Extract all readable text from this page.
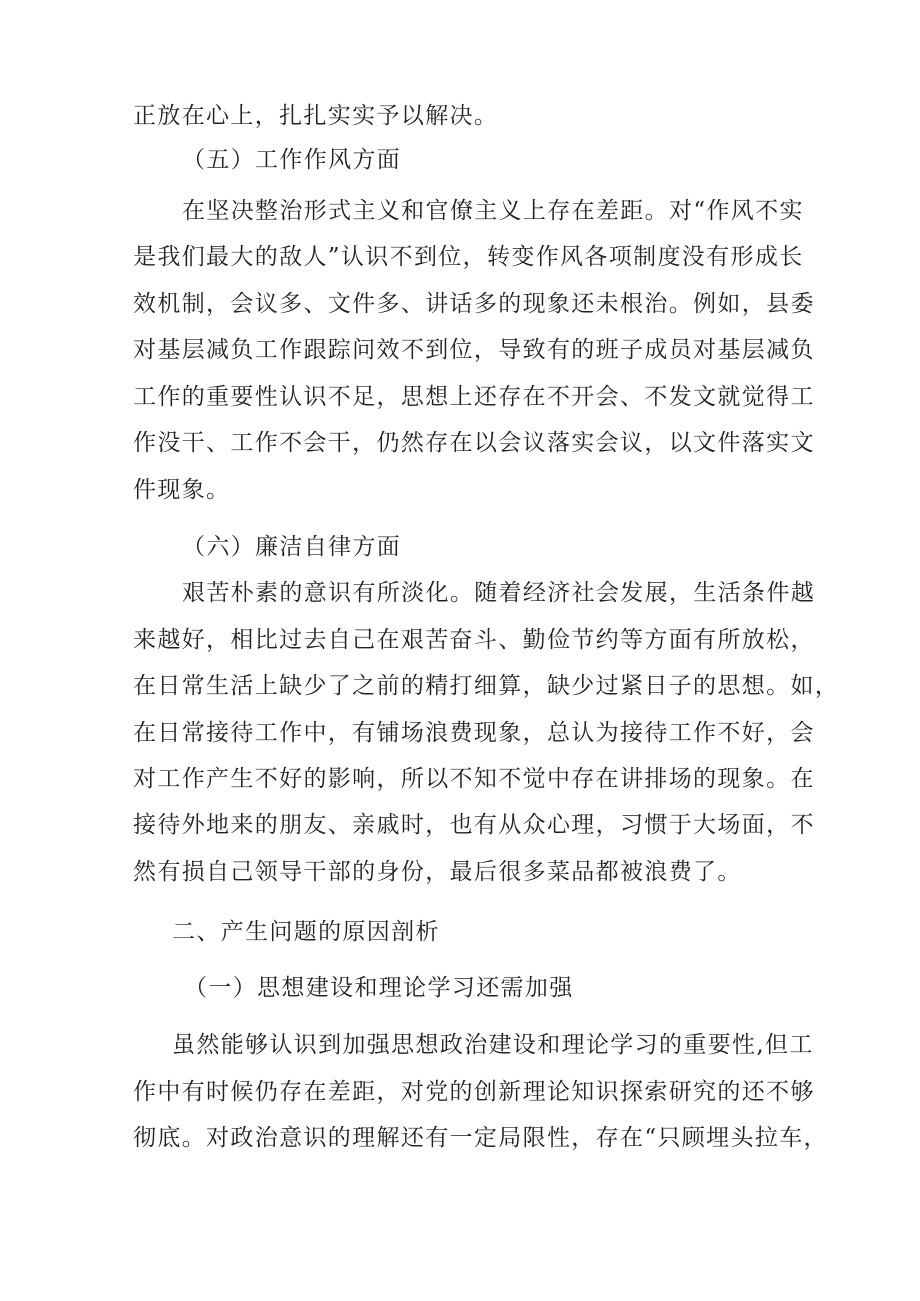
正放在心上，扎扎实实予以解决。
（五）工作作风方面
在坚决整治形式主义和官僚主义上存在差距。对“作风不实
是我们最大的敌人”认识不到位，转变作风各项制度没有形成长
效机制，会议多、文件多、讲话多的现象还未根治。例如，县委
对基层减负工作跟踪问效不到位，导致有的班子成员对基层减负
工作的重要性认识不足，思想上还存在不开会、不发文就觉得工
作没干、工作不会干，仍然存在以会议落实会议，以文件落实文
件现象。
（六）廉洁自律方面
艰苦朴素的意识有所淡化。随着经济社会发展，生活条件越
来越好，相比过去自己在艰苦奋斗、勤俭节约等方面有所放松，
在日常生活上缺少了之前的精打细算，缺少过紧日子的思想。如，
在日常接待工作中，有铺场浪费现象，总认为接待工作不好，会
对工作产生不好的影响，所以不知不觉中存在讲排场的现象。在
接待外地来的朋友、亲戚时，也有从众心理，习惯于大场面，不
然有损自己领导干部的身份，最后很多菜品都被浪费了。
二、产生问题的原因剖析
（一）思想建设和理论学习还需加强
虽然能够认识到加强思想政治建设和理论学习的重要性,但工
作中有时候仍存在差距，对党的创新理论知识探索研究的还不够
彻底。对政治意识的理解还有一定局限性，存在“只顾埋头拉车，
